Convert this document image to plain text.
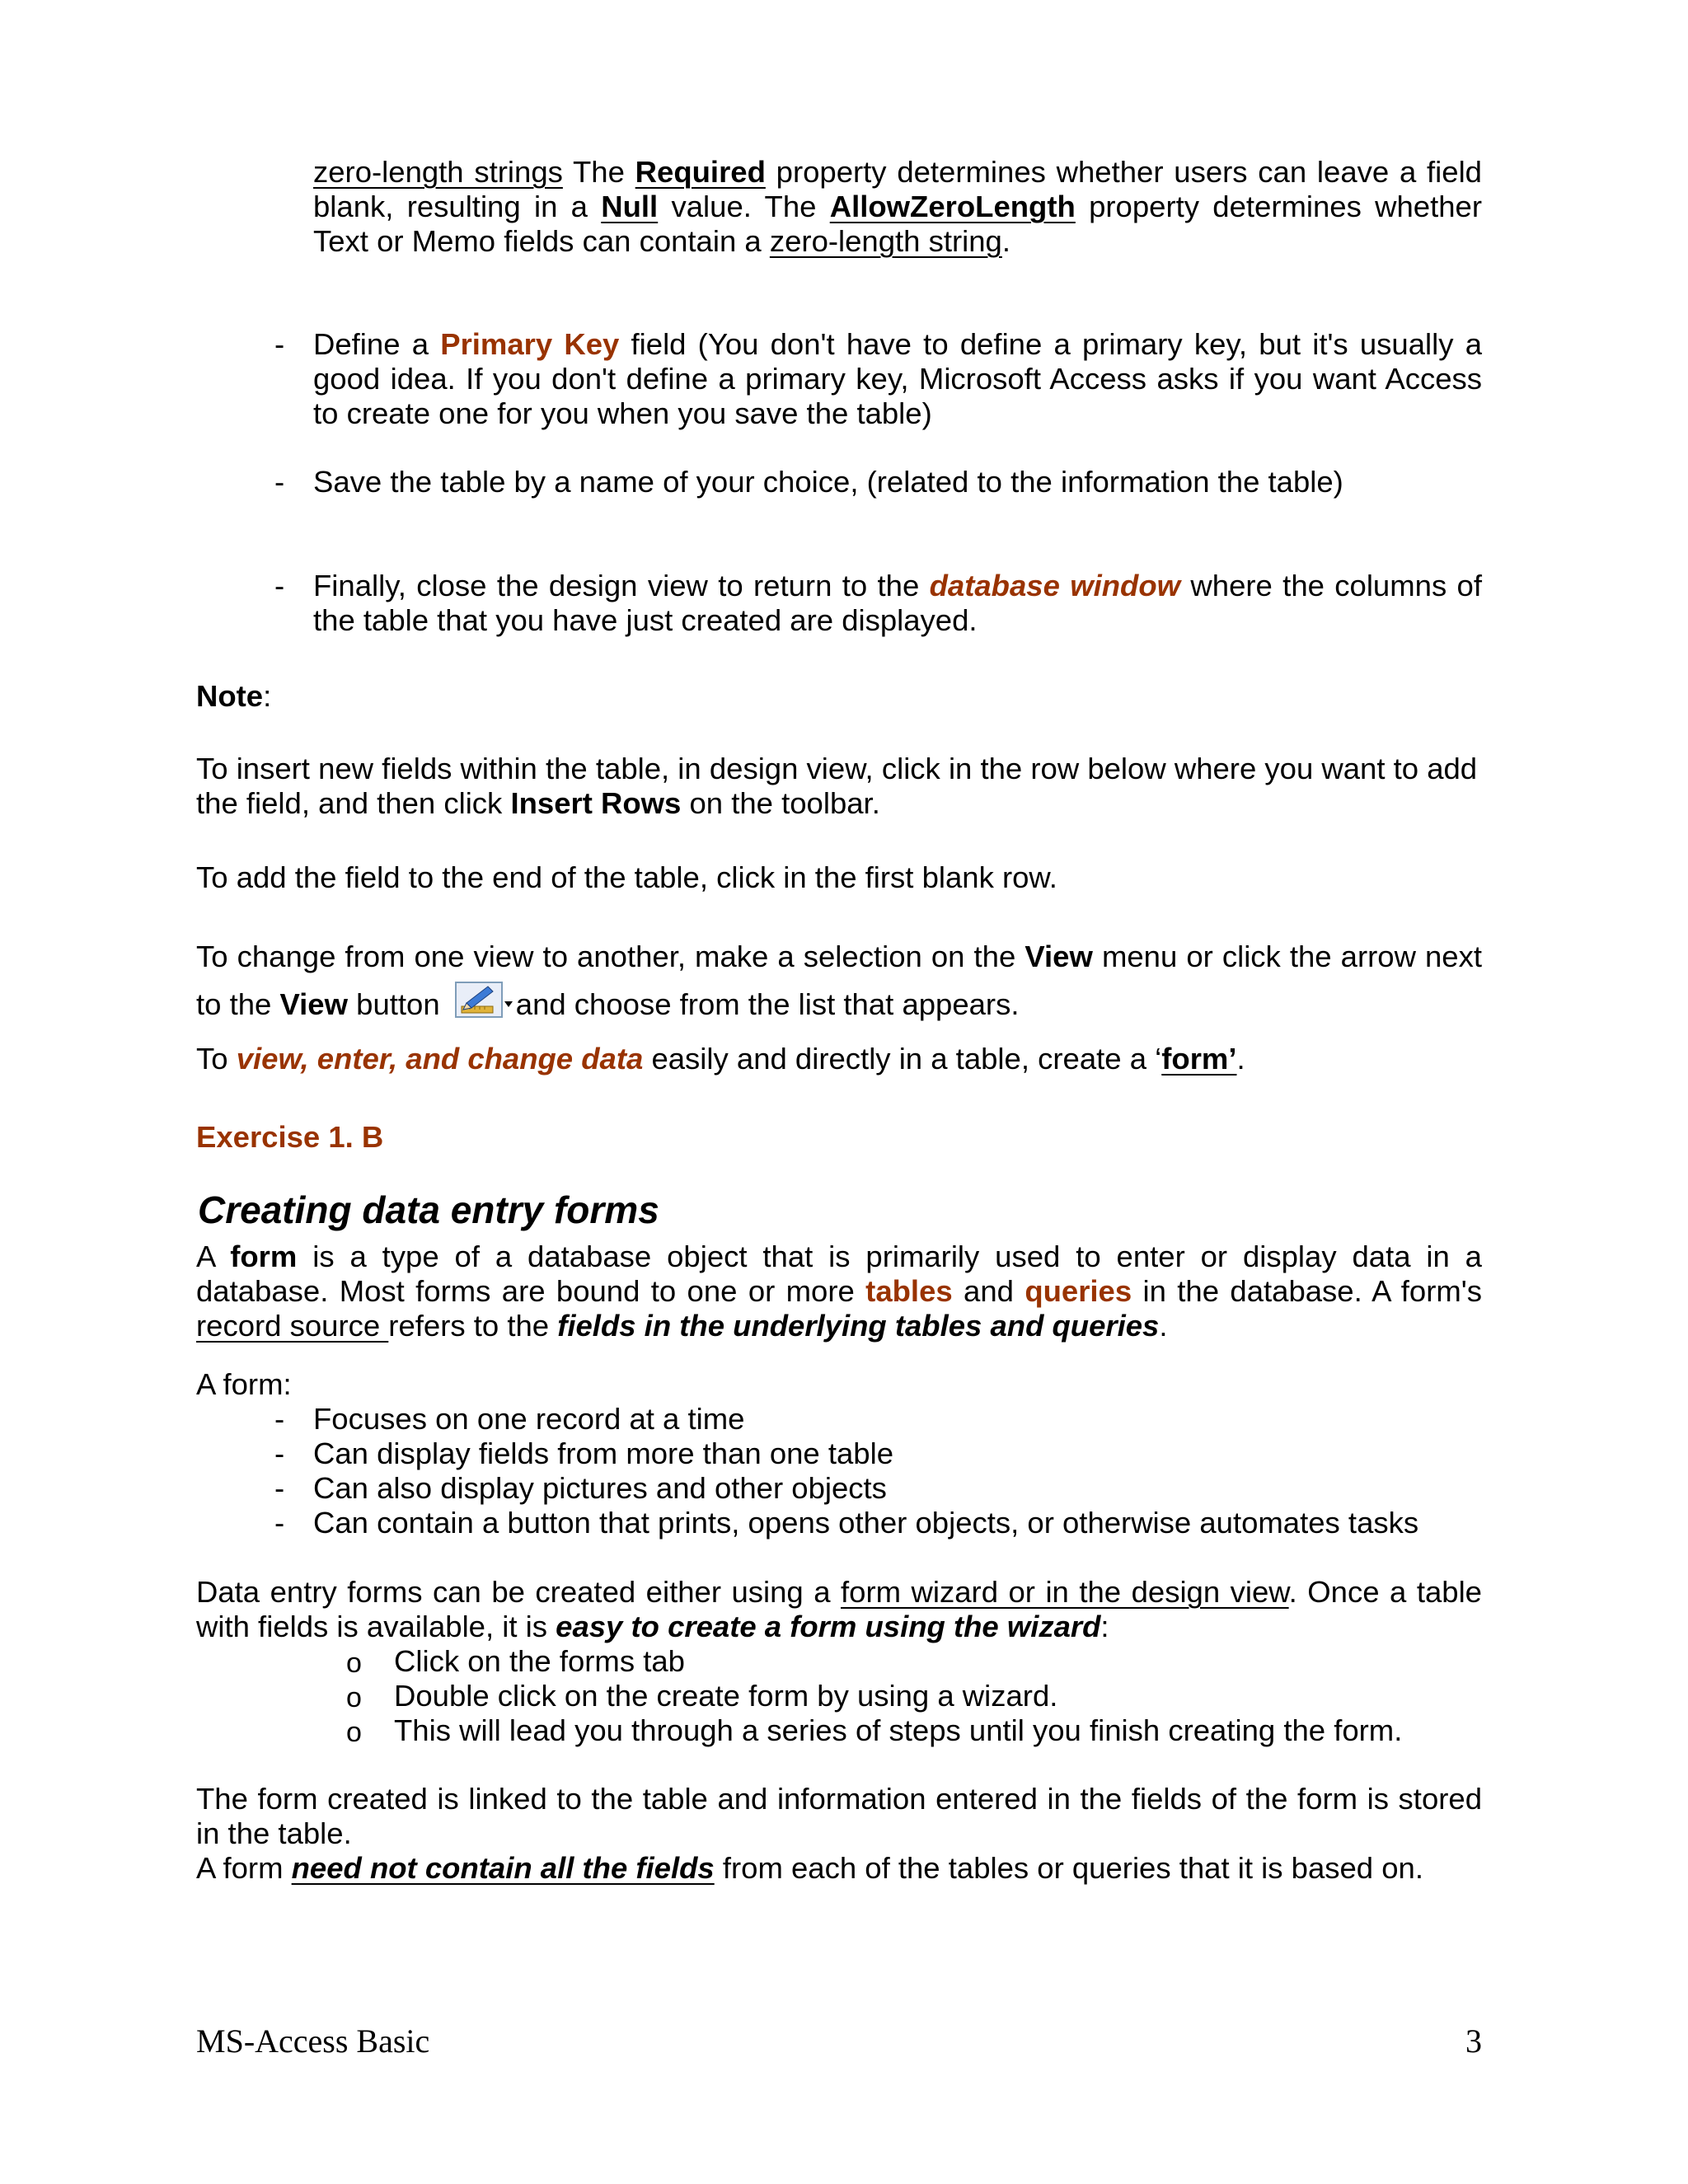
zero-length strings The Required property determines whether users can leave a field blank, resulting in a Null value. The AllowZeroLength property determines whether Text or Memo fields can contain a zero-length string.

- Define a Primary Key field (You don't have to define a primary key, but it's usually a good idea. If you don't define a primary key, Microsoft Access asks if you want Access to create one for you when you save the table)

- Save the table by a name of your choice, (related to the information the table)

- Finally, close the design view to return to the database window where the columns of the table that you have just created are displayed.

Note:

To insert new fields within the table, in design view, click in the row below where you want to add the field, and then click Insert Rows on the toolbar.

To add the field to the end of the table, click in the first blank row.

To change from one view to another, make a selection on the View menu or click the arrow next to the View button and choose from the list that appears.

To view, enter, and change data easily and directly in a table, create a ‘form’.

Exercise 1. B

Creating data entry forms

A form is a type of a database object that is primarily used to enter or display data in a database. Most forms are bound to one or more tables and queries in the database. A form's record source refers to the fields in the underlying tables and queries.

A form:

- Focuses on one record at a time

- Can display fields from more than one table

- Can also display pictures and other objects

- Can contain a button that prints, opens other objects, or otherwise automates tasks

Data entry forms can be created either using a form wizard or in the design view. Once a table with fields is available, it is easy to create a form using the wizard:

o Click on the forms tab

o Double click on the create form by using a wizard.

o This will lead you through a series of steps until you finish creating the form.

The form created is linked to the table and information entered in the fields of the form is stored in the table.

A form need not contain all the fields from each of the tables or queries that it is based on.

MS-Access Basic	3
